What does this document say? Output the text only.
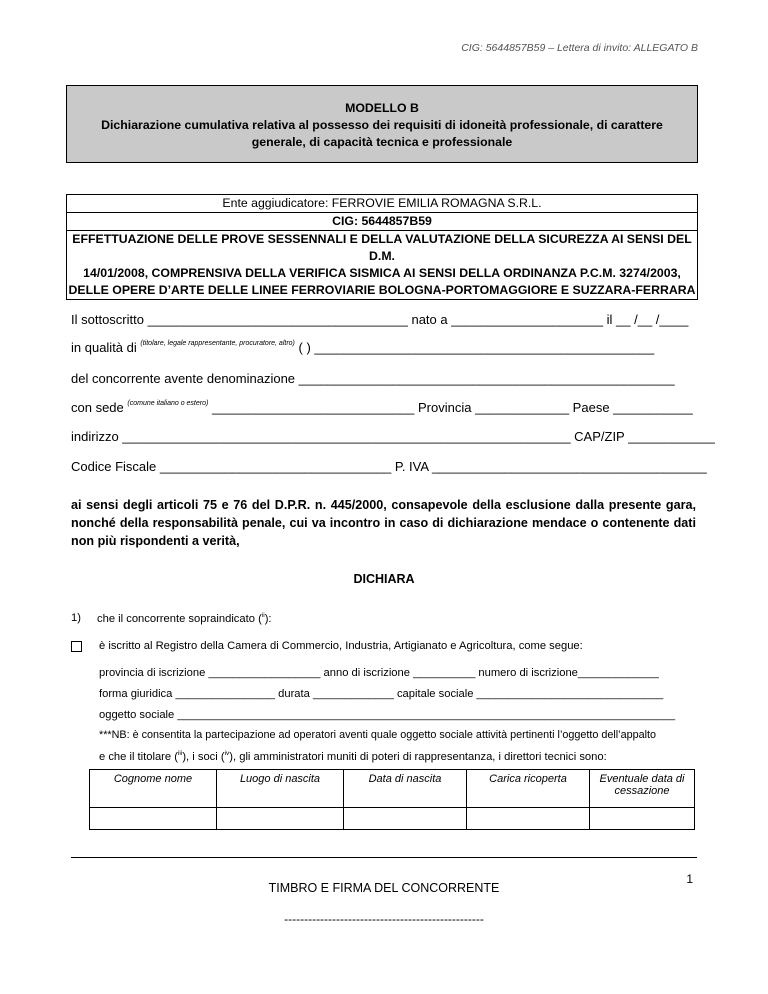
CIG: 5644857B59 – Lettera di invito: ALLEGATO B
MODELLO B
Dichiarazione cumulativa relativa al possesso dei requisiti di idoneità professionale, di carattere
generale, di capacità tecnica e professionale
Ente aggiudicatore: FERROVIE EMILIA ROMAGNA S.R.L.
CIG: 5644857B59
EFFETTUAZIONE DELLE PROVE SESSENNALI E DELLA VALUTAZIONE DELLA SICUREZZA AI SENSI DEL D.M.
14/01/2008, COMPRENSIVA DELLA VERIFICA SISMICA AI SENSI DELLA ORDINANZA P.C.M. 3274/2003,
DELLE OPERE D’ARTE DELLE LINEE FERROVIARIE BOLOGNA-PORTOMAGGIORE E SUZZARA-FERRARA
Il sottoscritto ____________________________________ nato a _____________________ il __ /__ /____
in qualità di $^{(titolare, legale rappresentante, procuratore, altro)}$ ( ) _______________________________________________
del concorrente avente denominazione ____________________________________________________
con sede $^{(comune italiano o estero)}$ ____________________________ Provincia _____________ Paese ___________
indirizzo ______________________________________________________________ CAP/ZIP ____________
Codice Fiscale ________________________________ P. IVA ______________________________________
ai sensi degli articoli 75 e 76 del D.P.R. n. 445/2000, consapevole della esclusione dalla presente gara, nonché della responsabilità penale, cui va incontro in caso di dichiarazione mendace o contenente dati non più rispondenti a verità,
DICHIARA
1) che il concorrente sopraindicato ($^{ii}$):
è iscritto al Registro della Camera di Commercio, Industria, Artigianato e Agricoltura, come segue:
provincia di iscrizione __________________ anno di iscrizione __________ numero di iscrizione_____________
forma giuridica ________________ durata _____________ capitale sociale ______________________________
oggetto sociale ________________________________________________________________________________
***NB: è consentita la partecipazione ad operatori aventi quale oggetto sociale attività pertinenti l’oggetto dell’appalto
e che il titolare ($^{iii}$), i soci ($^{iv}$), gli amministratori muniti di poteri di rappresentanza, i direttori tecnici sono:
Cognome nome	Luogo di nascita	Data di nascita	Carica ricoperta	Eventuale data di cessazione

1
TIMBRO E FIRMA DEL CONCORRENTE
--------------------------------------------------
